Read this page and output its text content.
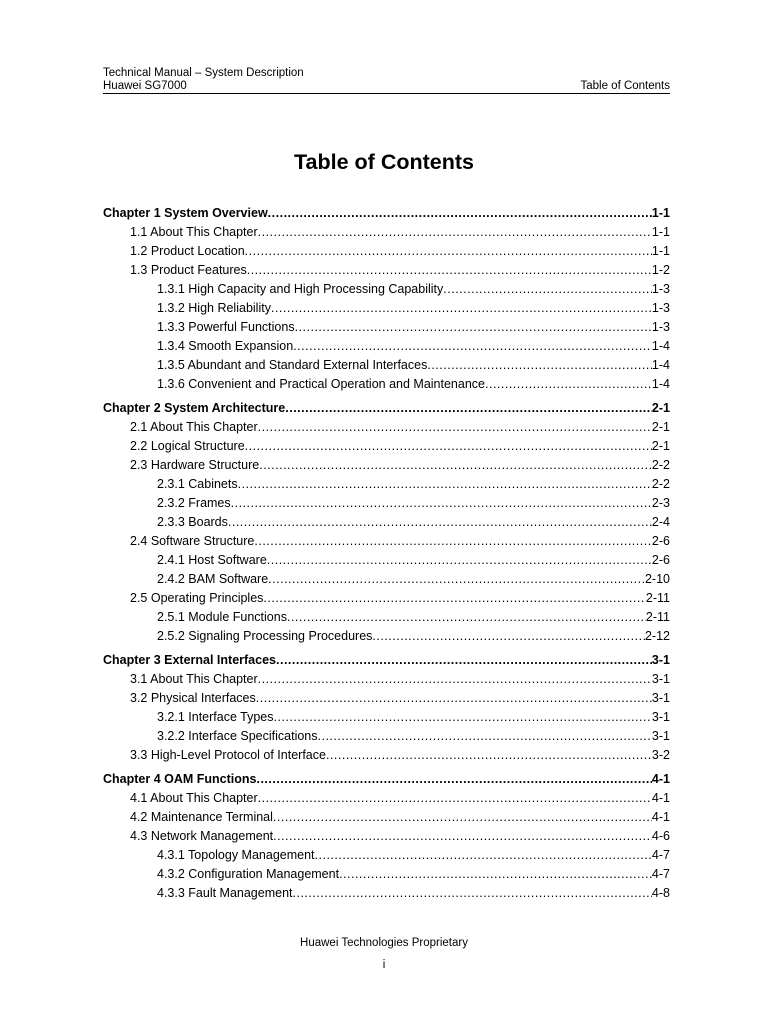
Technical Manual – System Description
Huawei SG7000	Table of Contents
Table of Contents
Chapter 1 System Overview .....	1-1
1.1 About This Chapter .....	1-1
1.2 Product Location .....	1-1
1.3 Product Features .....	1-2
1.3.1 High Capacity and High Processing Capability .....	1-3
1.3.2 High Reliability .....	1-3
1.3.3 Powerful Functions .....	1-3
1.3.4 Smooth Expansion .....	1-4
1.3.5 Abundant and Standard External Interfaces .....	1-4
1.3.6 Convenient and Practical Operation and Maintenance .....	1-4
Chapter 2 System Architecture .....	2-1
2.1 About This Chapter .....	2-1
2.2 Logical Structure .....	2-1
2.3 Hardware Structure .....	2-2
2.3.1 Cabinets .....	2-2
2.3.2 Frames .....	2-3
2.3.3 Boards .....	2-4
2.4 Software Structure .....	2-6
2.4.1 Host Software .....	2-6
2.4.2 BAM Software .....	2-10
2.5 Operating Principles .....	2-11
2.5.1 Module Functions .....	2-11
2.5.2 Signaling Processing Procedures .....	2-12
Chapter 3 External Interfaces .....	3-1
3.1 About This Chapter .....	3-1
3.2 Physical Interfaces .....	3-1
3.2.1 Interface Types .....	3-1
3.2.2 Interface Specifications .....	3-1
3.3 High-Level Protocol of Interface .....	3-2
Chapter 4 OAM Functions .....	4-1
4.1 About This Chapter .....	4-1
4.2 Maintenance Terminal .....	4-1
4.3 Network Management .....	4-6
4.3.1 Topology Management .....	4-7
4.3.2 Configuration Management .....	4-7
4.3.3 Fault Management .....	4-8
Huawei Technologies Proprietary
i
